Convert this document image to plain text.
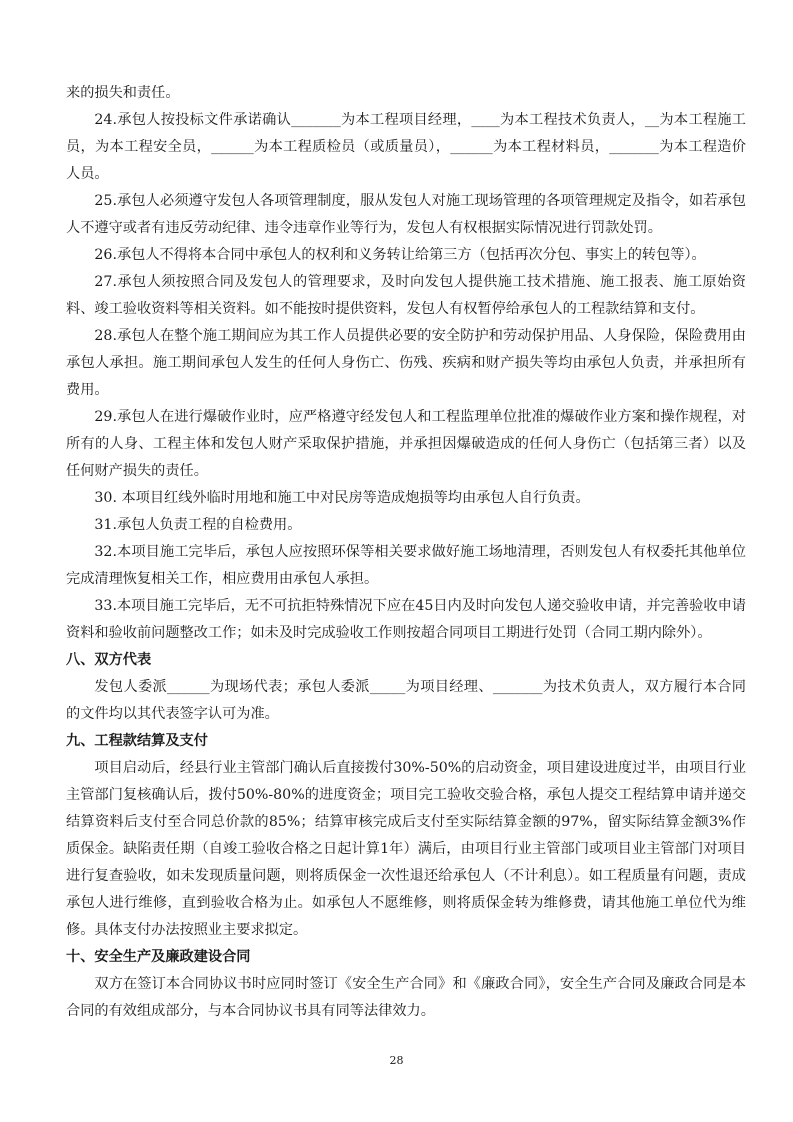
来的损失和责任。

24.承包人按投标文件承诺确认_______为本工程项目经理，____为本工程技术负责人，__为本工程施工员，为本工程安全员，______为本工程质检员（或质量员），______为本工程材料员，_______为本工程造价人员。

25.承包人必须遵守发包人各项管理制度，服从发包人对施工现场管理的各项管理规定及指令，如若承包人不遵守或者有违反劳动纪律、违令违章作业等行为，发包人有权根据实际情况进行罚款处罚。

26.承包人不得将本合同中承包人的权利和义务转让给第三方（包括再次分包、事实上的转包等）。

27.承包人须按照合同及发包人的管理要求，及时向发包人提供施工技术措施、施工报表、施工原始资料、竣工验收资料等相关资料。如不能按时提供资料，发包人有权暂停给承包人的工程款结算和支付。

28.承包人在整个施工期间应为其工作人员提供必要的安全防护和劳动保护用品、人身保险，保险费用由承包人承担。施工期间承包人发生的任何人身伤亡、伤残、疾病和财产损失等均由承包人负责，并承担所有费用。

29.承包人在进行爆破作业时，应严格遵守经发包人和工程监理单位批准的爆破作业方案和操作规程，对所有的人身、工程主体和发包人财产采取保护措施，并承担因爆破造成的任何人身伤亡（包括第三者）以及任何财产损失的责任。

30. 本项目红线外临时用地和施工中对民房等造成炮损等均由承包人自行负责。

31.承包人负责工程的自检费用。

32.本项目施工完毕后，承包人应按照环保等相关要求做好施工场地清理，否则发包人有权委托其他单位完成清理恢复相关工作，相应费用由承包人承担。

33.本项目施工完毕后，无不可抗拒特殊情况下应在45日内及时向发包人递交验收申请，并完善验收申请资料和验收前问题整改工作；如未及时完成验收工作则按超合同项目工期进行处罚（合同工期内除外）。

八、双方代表

发包人委派______为现场代表；承包人委派_____为项目经理、_______为技术负责人，双方履行本合同的文件均以其代表签字认可为准。

九、工程款结算及支付

项目启动后，经县行业主管部门确认后直接拨付30%-50%的启动资金，项目建设进度过半，由项目行业主管部门复核确认后，拨付50%-80%的进度资金；项目完工验收交验合格，承包人提交工程结算申请并递交结算资料后支付至合同总价款的85%；结算审核完成后支付至实际结算金额的97%，留实际结算金额3%作质保金。缺陷责任期（自竣工验收合格之日起计算1年）满后，由项目行业主管部门或项目业主管部门对项目进行复查验收，如未发现质量问题，则将质保金一次性退还给承包人（不计利息）。如工程质量有问题，责成承包人进行维修，直到验收合格为止。如承包人不愿维修，则将质保金转为维修费，请其他施工单位代为维修。具体支付办法按照业主要求拟定。

十、安全生产及廉政建设合同

双方在签订本合同协议书时应同时签订《安全生产合同》和《廉政合同》，安全生产合同及廉政合同是本合同的有效组成部分，与本合同协议书具有同等法律效力。

28
